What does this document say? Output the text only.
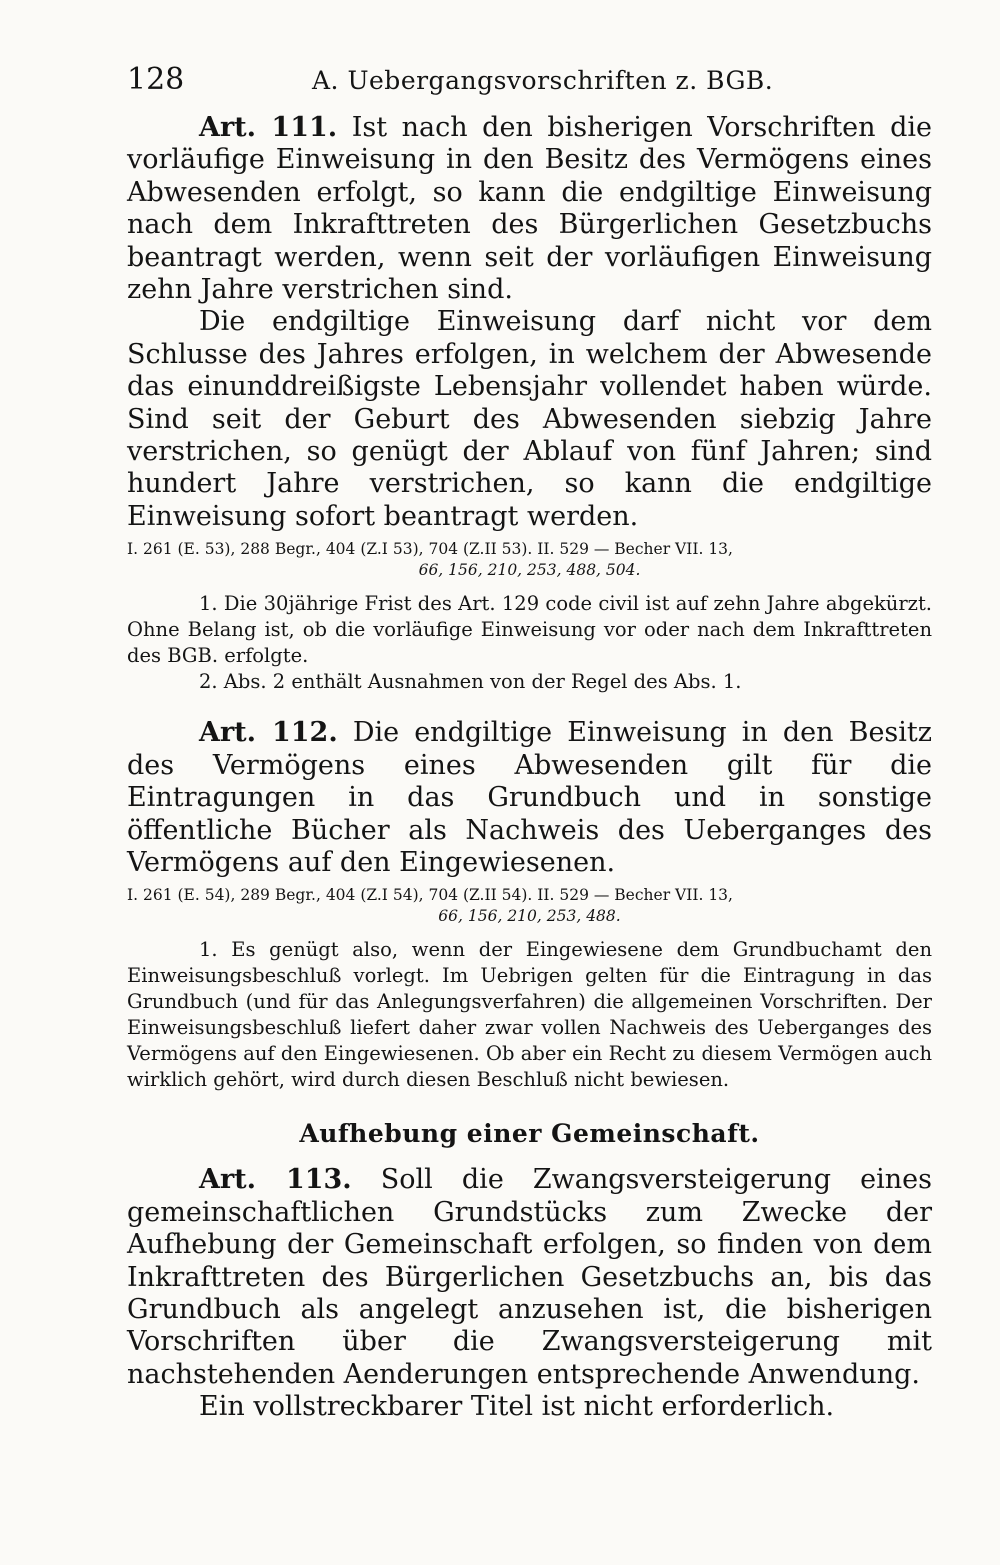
128	A. Uebergangsvorschriften z. BGB.

Art. 111. Ist nach den bisherigen Vorschriften die vorläufige Einweisung in den Besitz des Vermögens eines Abwesenden erfolgt, so kann die endgiltige Einweisung nach dem Inkrafttreten des Bürgerlichen Gesetzbuchs beantragt werden, wenn seit der vorläufigen Einweisung zehn Jahre verstrichen sind.

Die endgiltige Einweisung darf nicht vor dem Schlusse des Jahres erfolgen, in welchem der Abwesende das einunddreißigste Lebensjahr vollendet haben würde. Sind seit der Geburt des Abwesenden siebzig Jahre verstrichen, so genügt der Ablauf von fünf Jahren; sind hundert Jahre verstrichen, so kann die endgiltige Einweisung sofort beantragt werden.

I. 261 (E. 53), 288 Begr., 404 (Z.I 53), 704 (Z.II 53). II. 529 — Becher VII. 13,
66, 156, 210, 253, 488, 504.

1. Die 30jährige Frist des Art. 129 code civil ist auf zehn Jahre abgekürzt. Ohne Belang ist, ob die vorläufige Einweisung vor oder nach dem Inkrafttreten des BGB. erfolgte.

2. Abs. 2 enthält Ausnahmen von der Regel des Abs. 1.

Art. 112. Die endgiltige Einweisung in den Besitz des Vermögens eines Abwesenden gilt für die Eintragungen in das Grundbuch und in sonstige öffentliche Bücher als Nachweis des Ueberganges des Vermögens auf den Eingewiesenen.

I. 261 (E. 54), 289 Begr., 404 (Z.I 54), 704 (Z.II 54). II. 529 — Becher VII. 13,
66, 156, 210, 253, 488.

1. Es genügt also, wenn der Eingewiesene dem Grundbuchamt den Einweisungsbeschluß vorlegt. Im Uebrigen gelten für die Eintragung in das Grundbuch (und für das Anlegungsverfahren) die allgemeinen Vorschriften. Der Einweisungsbeschluß liefert daher zwar vollen Nachweis des Ueberganges des Vermögens auf den Eingewiesenen. Ob aber ein Recht zu diesem Vermögen auch wirklich gehört, wird durch diesen Beschluß nicht bewiesen.

Aufhebung einer Gemeinschaft.

Art. 113. Soll die Zwangsversteigerung eines gemeinschaftlichen Grundstücks zum Zwecke der Aufhebung der Gemeinschaft erfolgen, so finden von dem Inkrafttreten des Bürgerlichen Gesetzbuchs an, bis das Grundbuch als angelegt anzusehen ist, die bisherigen Vorschriften über die Zwangsversteigerung mit nachstehenden Aenderungen entsprechende Anwendung.

Ein vollstreckbarer Titel ist nicht erforderlich.
